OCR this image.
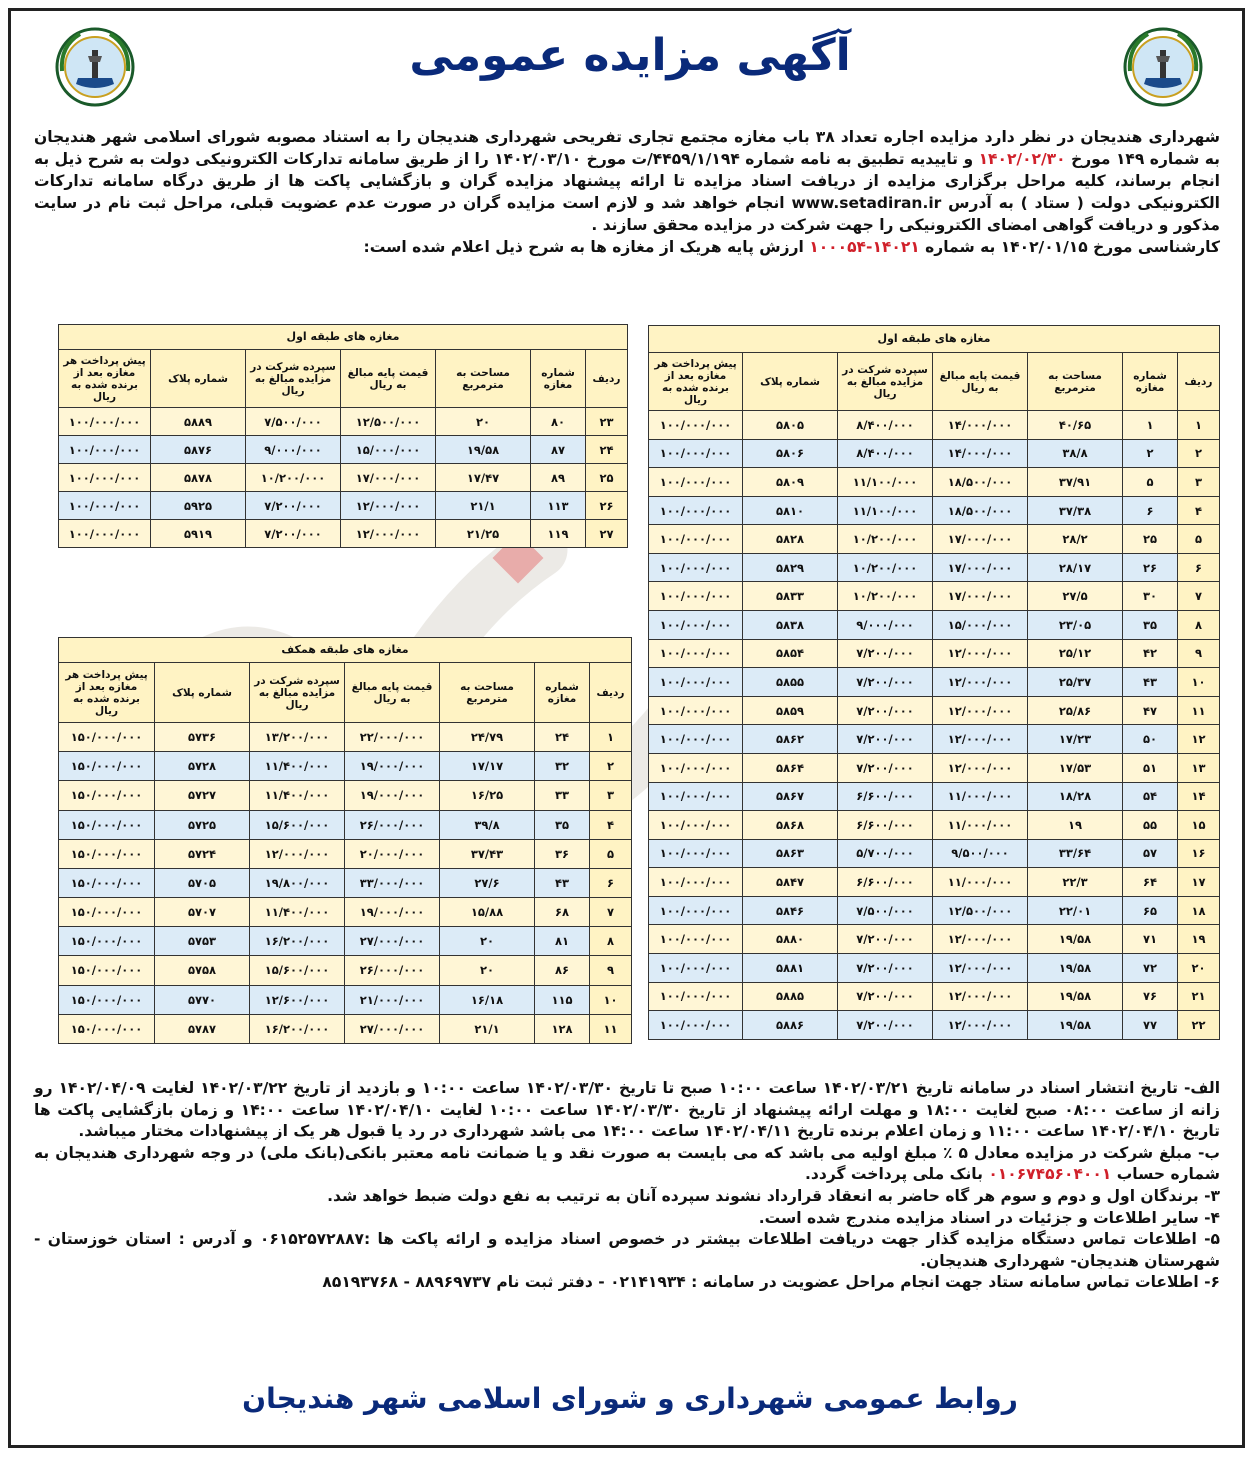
آگهی مزایده عمومی

شهرداری هندیجان در نظر دارد مزایده اجاره تعداد ۳۸ باب مغازه مجتمع تجاری تفریحی شهرداری هندیجان را به استناد مصوبه شورای اسلامی شهر هندیجان به شماره ۱۴۹ مورخ ۱۴۰۲/۰۲/۳۰ و تاییدیه تطبیق به نامه شماره ۴۴۵۹/۱/۱۹۴/ت مورخ ۱۴۰۲/۰۳/۱۰ را از طریق سامانه تدارکات الکترونیکی دولت به شرح ذیل به انجام برساند، کلیه مراحل برگزاری مزایده از دریافت اسناد مزایده تا ارائه پیشنهاد مزایده گران و بازگشایی پاکت ها از طریق درگاه سامانه تدارکات الکترونیکی دولت ( ستاد ) به آدرس www.setadiran.ir انجام خواهد شد و لازم است مزایده گران در صورت عدم عضویت قبلی، مراحل ثبت نام در سایت مذکور و دریافت گواهی امضای الکترونیکی را جهت شرکت در مزایده محقق سازند .

کارشناسی مورخ ۱۴۰۲/۰۱/۱۵ به شماره ۱۴۰۲۱-۱۰۰۰۵۴ ارزش پایه هریک از مغازه ها به شرح ذیل اعلام شده است:

مغازه های طبقه اول						
ردیف	شماره مغازه	مساحت به مترمربع	قیمت پایه مبالغ به ریال	سپرده شرکت در مزایده مبالغ به ریال	شماره پلاک	پیش پرداخت هر مغازه بعد از برنده شده به ریال
۱	۱	۴۰/۶۵	۱۴/۰۰۰/۰۰۰	۸/۴۰۰/۰۰۰	۵۸۰۵	۱۰۰/۰۰۰/۰۰۰
۲	۲	۳۸/۸	۱۴/۰۰۰/۰۰۰	۸/۴۰۰/۰۰۰	۵۸۰۶	۱۰۰/۰۰۰/۰۰۰
۳	۵	۳۷/۹۱	۱۸/۵۰۰/۰۰۰	۱۱/۱۰۰/۰۰۰	۵۸۰۹	۱۰۰/۰۰۰/۰۰۰
۴	۶	۳۷/۳۸	۱۸/۵۰۰/۰۰۰	۱۱/۱۰۰/۰۰۰	۵۸۱۰	۱۰۰/۰۰۰/۰۰۰
۵	۲۵	۲۸/۲	۱۷/۰۰۰/۰۰۰	۱۰/۲۰۰/۰۰۰	۵۸۲۸	۱۰۰/۰۰۰/۰۰۰
۶	۲۶	۲۸/۱۷	۱۷/۰۰۰/۰۰۰	۱۰/۲۰۰/۰۰۰	۵۸۲۹	۱۰۰/۰۰۰/۰۰۰
۷	۳۰	۲۷/۵	۱۷/۰۰۰/۰۰۰	۱۰/۲۰۰/۰۰۰	۵۸۳۳	۱۰۰/۰۰۰/۰۰۰
۸	۳۵	۲۳/۰۵	۱۵/۰۰۰/۰۰۰	۹/۰۰۰/۰۰۰	۵۸۳۸	۱۰۰/۰۰۰/۰۰۰
۹	۴۲	۲۵/۱۲	۱۲/۰۰۰/۰۰۰	۷/۲۰۰/۰۰۰	۵۸۵۴	۱۰۰/۰۰۰/۰۰۰
۱۰	۴۳	۲۵/۳۷	۱۲/۰۰۰/۰۰۰	۷/۲۰۰/۰۰۰	۵۸۵۵	۱۰۰/۰۰۰/۰۰۰
۱۱	۴۷	۲۵/۸۶	۱۲/۰۰۰/۰۰۰	۷/۲۰۰/۰۰۰	۵۸۵۹	۱۰۰/۰۰۰/۰۰۰
۱۲	۵۰	۱۷/۲۳	۱۲/۰۰۰/۰۰۰	۷/۲۰۰/۰۰۰	۵۸۶۲	۱۰۰/۰۰۰/۰۰۰
۱۳	۵۱	۱۷/۵۳	۱۲/۰۰۰/۰۰۰	۷/۲۰۰/۰۰۰	۵۸۶۴	۱۰۰/۰۰۰/۰۰۰
۱۴	۵۴	۱۸/۲۸	۱۱/۰۰۰/۰۰۰	۶/۶۰۰/۰۰۰	۵۸۶۷	۱۰۰/۰۰۰/۰۰۰
۱۵	۵۵	۱۹	۱۱/۰۰۰/۰۰۰	۶/۶۰۰/۰۰۰	۵۸۶۸	۱۰۰/۰۰۰/۰۰۰
۱۶	۵۷	۳۳/۶۴	۹/۵۰۰/۰۰۰	۵/۷۰۰/۰۰۰	۵۸۶۳	۱۰۰/۰۰۰/۰۰۰
۱۷	۶۴	۲۲/۳	۱۱/۰۰۰/۰۰۰	۶/۶۰۰/۰۰۰	۵۸۴۷	۱۰۰/۰۰۰/۰۰۰
۱۸	۶۵	۲۲/۰۱	۱۲/۵۰۰/۰۰۰	۷/۵۰۰/۰۰۰	۵۸۴۶	۱۰۰/۰۰۰/۰۰۰
۱۹	۷۱	۱۹/۵۸	۱۲/۰۰۰/۰۰۰	۷/۲۰۰/۰۰۰	۵۸۸۰	۱۰۰/۰۰۰/۰۰۰
۲۰	۷۲	۱۹/۵۸	۱۲/۰۰۰/۰۰۰	۷/۲۰۰/۰۰۰	۵۸۸۱	۱۰۰/۰۰۰/۰۰۰
۲۱	۷۶	۱۹/۵۸	۱۲/۰۰۰/۰۰۰	۷/۲۰۰/۰۰۰	۵۸۸۵	۱۰۰/۰۰۰/۰۰۰
۲۲	۷۷	۱۹/۵۸	۱۲/۰۰۰/۰۰۰	۷/۲۰۰/۰۰۰	۵۸۸۶	۱۰۰/۰۰۰/۰۰۰
مغازه های طبقه اول						
ردیف	شماره مغازه	مساحت به مترمربع	قیمت پایه مبالغ به ریال	سپرده شرکت در مزایده مبالغ به ریال	شماره پلاک	پیش پرداخت هر مغازه بعد از برنده شده به ریال
۲۳	۸۰	۲۰	۱۲/۵۰۰/۰۰۰	۷/۵۰۰/۰۰۰	۵۸۸۹	۱۰۰/۰۰۰/۰۰۰
۲۴	۸۷	۱۹/۵۸	۱۵/۰۰۰/۰۰۰	۹/۰۰۰/۰۰۰	۵۸۷۶	۱۰۰/۰۰۰/۰۰۰
۲۵	۸۹	۱۷/۴۷	۱۷/۰۰۰/۰۰۰	۱۰/۲۰۰/۰۰۰	۵۸۷۸	۱۰۰/۰۰۰/۰۰۰
۲۶	۱۱۳	۲۱/۱	۱۲/۰۰۰/۰۰۰	۷/۲۰۰/۰۰۰	۵۹۲۵	۱۰۰/۰۰۰/۰۰۰
۲۷	۱۱۹	۲۱/۲۵	۱۲/۰۰۰/۰۰۰	۷/۲۰۰/۰۰۰	۵۹۱۹	۱۰۰/۰۰۰/۰۰۰
مغازه های طبقه همکف						
ردیف	شماره مغازه	مساحت به مترمربع	قیمت پایه مبالغ به ریال	سپرده شرکت در مزایده مبالغ به ریال	شماره پلاک	پیش پرداخت هر مغازه بعد از برنده شده به ریال
۱	۲۴	۲۴/۷۹	۲۲/۰۰۰/۰۰۰	۱۳/۲۰۰/۰۰۰	۵۷۳۶	۱۵۰/۰۰۰/۰۰۰
۲	۳۲	۱۷/۱۷	۱۹/۰۰۰/۰۰۰	۱۱/۴۰۰/۰۰۰	۵۷۲۸	۱۵۰/۰۰۰/۰۰۰
۳	۳۳	۱۶/۲۵	۱۹/۰۰۰/۰۰۰	۱۱/۴۰۰/۰۰۰	۵۷۲۷	۱۵۰/۰۰۰/۰۰۰
۴	۳۵	۳۹/۸	۲۶/۰۰۰/۰۰۰	۱۵/۶۰۰/۰۰۰	۵۷۲۵	۱۵۰/۰۰۰/۰۰۰
۵	۳۶	۳۷/۴۳	۲۰/۰۰۰/۰۰۰	۱۲/۰۰۰/۰۰۰	۵۷۲۴	۱۵۰/۰۰۰/۰۰۰
۶	۴۳	۲۷/۶	۳۳/۰۰۰/۰۰۰	۱۹/۸۰۰/۰۰۰	۵۷۰۵	۱۵۰/۰۰۰/۰۰۰
۷	۶۸	۱۵/۸۸	۱۹/۰۰۰/۰۰۰	۱۱/۴۰۰/۰۰۰	۵۷۰۷	۱۵۰/۰۰۰/۰۰۰
۸	۸۱	۲۰	۲۷/۰۰۰/۰۰۰	۱۶/۲۰۰/۰۰۰	۵۷۵۳	۱۵۰/۰۰۰/۰۰۰
۹	۸۶	۲۰	۲۶/۰۰۰/۰۰۰	۱۵/۶۰۰/۰۰۰	۵۷۵۸	۱۵۰/۰۰۰/۰۰۰
۱۰	۱۱۵	۱۶/۱۸	۲۱/۰۰۰/۰۰۰	۱۲/۶۰۰/۰۰۰	۵۷۷۰	۱۵۰/۰۰۰/۰۰۰
۱۱	۱۲۸	۲۱/۱	۲۷/۰۰۰/۰۰۰	۱۶/۲۰۰/۰۰۰	۵۷۸۷	۱۵۰/۰۰۰/۰۰۰

الف- تاریخ انتشار اسناد در سامانه تاریخ ۱۴۰۲/۰۳/۲۱ ساعت ۱۰:۰۰ صبح تا تاریخ ۱۴۰۲/۰۳/۳۰ ساعت ۱۰:۰۰ و بازدید از تاریخ ۱۴۰۲/۰۳/۲۲ لغایت ۱۴۰۲/۰۴/۰۹ رو زانه از ساعت ۰۸:۰۰ صبح لغایت ۱۸:۰۰ و مهلت ارائه پیشنهاد از تاریخ ۱۴۰۲/۰۳/۳۰ ساعت ۱۰:۰۰ لغایت ۱۴۰۲/۰۴/۱۰ ساعت ۱۴:۰۰ و زمان بازگشایی پاکت ها تاریخ ۱۴۰۲/۰۴/۱۰ ساعت ۱۱:۰۰ و زمان اعلام برنده تاریخ ۱۴۰۲/۰۴/۱۱ ساعت ۱۴:۰۰ می باشد شهرداری در رد یا قبول هر یک از پیشنهادات مختار میباشد.

ب- مبلغ شرکت در مزایده معادل ۵ ٪ مبلغ اولیه می باشد که می بایست به صورت نقد و یا ضمانت نامه معتبر بانکی(بانک ملی) در وجه شهرداری هندیجان به شماره حساب ۰۱۰۶۷۴۵۶۰۴۰۰۱ بانک ملی پرداخت گردد.

۳- برندگان اول و دوم و سوم هر گاه حاضر به انعقاد قرارداد نشوند سپرده آنان به ترتیب به نفع دولت ضبط خواهد شد.

۴- سایر اطلاعات و جزئیات در اسناد مزایده مندرج شده است.

۵- اطلاعات تماس دستگاه مزایده گذار جهت دریافت اطلاعات بیشتر در خصوص اسناد مزایده و ارائه پاکت ها :۰۶۱۵۲۵۷۲۸۸۷ و آدرس : استان خوزستان - شهرستان هندیجان- شهرداری هندیجان.

۶- اطلاعات تماس سامانه ستاد جهت انجام مراحل عضویت در سامانه : ۰۲۱۴۱۹۳۴ - دفتر ثبت نام ۸۸۹۶۹۷۳۷ - ۸۵۱۹۳۷۶۸

روابط عمومی شهرداری و شورای اسلامی شهر هندیجان
